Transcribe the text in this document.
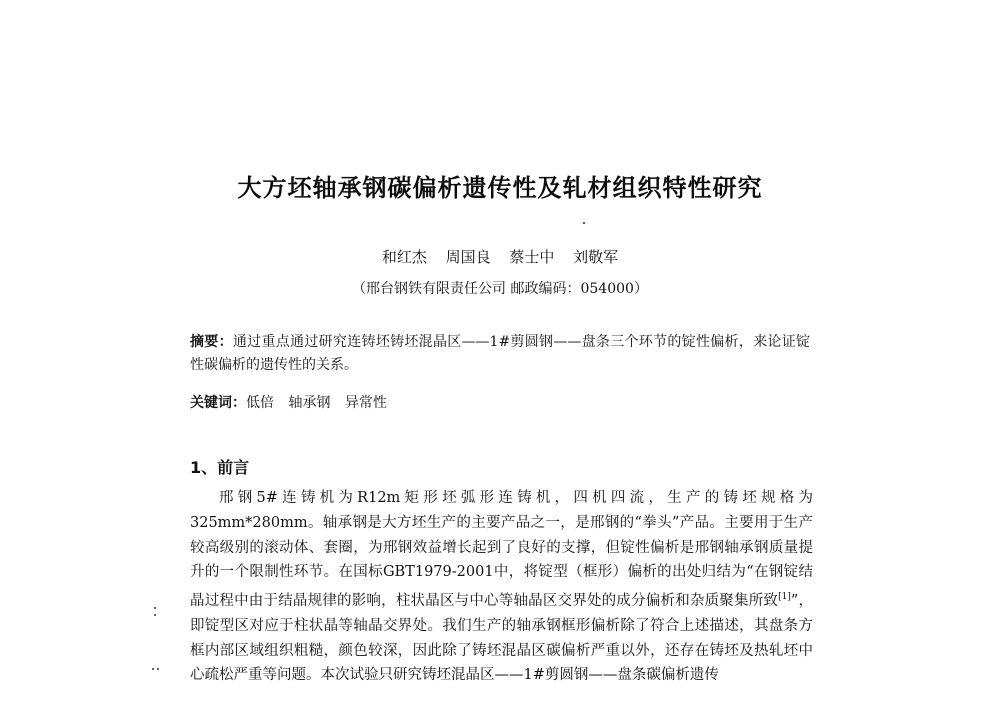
大方坯轴承钢碳偏析遗传性及轧材组织特性研究
和红杰 周国良 蔡士中 刘敬军
（邢台钢铁有限责任公司 邮政编码：054000）
摘要：通过重点通过研究连铸坯铸坯混晶区——1#剪圆钢——盘条三个环节的锭性偏析，来论证锭性碳偏析的遗传性的关系。
关键词：低倍 轴承钢 异常性
1、前言
邢钢5#连铸机为R12m矩形坯弧形连铸机，四机四流，生产的铸坯规格为325mm*280mm。轴承钢是大方坯生产的主要产品之一，是邢钢的“拳头”产品。主要用于生产较高级别的滚动体、套圈，为邢钢效益增长起到了良好的支撑，但锭性偏析是邢钢轴承钢质量提升的一个限制性环节。在国标GBT1979-2001中，将锭型（框形）偏析的出处归结为“在钢锭结晶过程中由于结晶规律的影响，柱状晶区与中心等轴晶区交界处的成分偏析和杂质聚集所致[1]”，即锭型区对应于柱状晶等轴晶交界处。我们生产的轴承钢框形偏析除了符合上述描述，其盘条方框内部区域组织粗糙，颜色较深，因此除了铸坯混晶区碳偏析严重以外，还存在铸坯及热轧坯中心疏松严重等问题。本次试验只研究铸坯混晶区——1#剪圆钢——盘条碳偏析遗传
